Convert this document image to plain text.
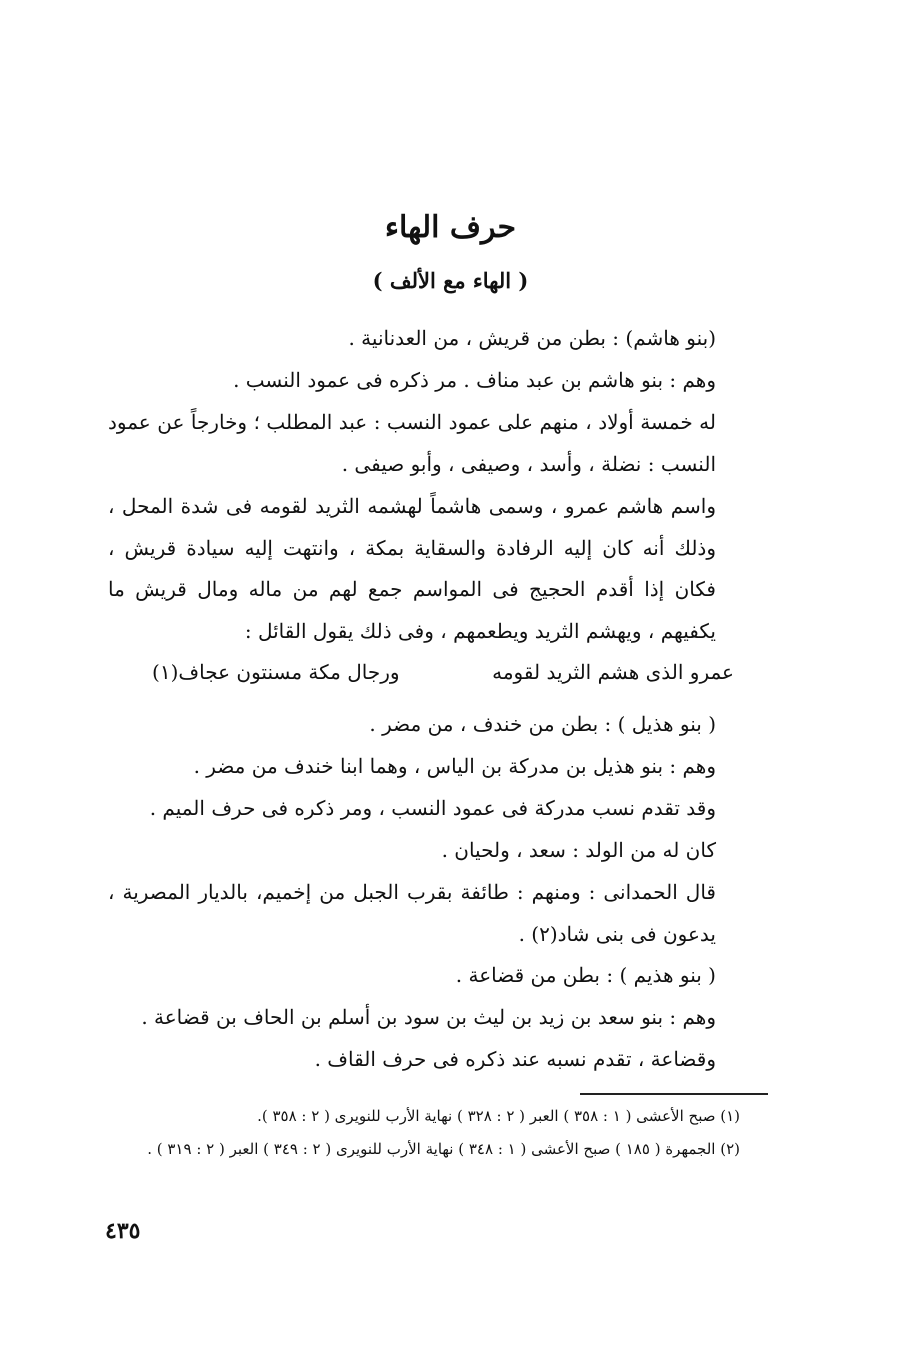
حرف الهاء
( الهاء مع الألف )

(بنو هاشم) : بطن من قريش ، من العدنانية .

وهم : بنو هاشم بن عبد مناف . مر ذكره فى عمود النسب .

له خمسة أولاد ، منهم على عمود النسب : عبد المطلب ؛ وخارجاً عن عمود النسب : نضلة ، وأسد ، وصيفى ، وأبو صيفى .

واسم هاشم عمرو ، وسمى هاشماً لهشمه الثريد لقومه فى شدة المحل ، وذلك أنه كان إليه الرفادة والسقاية بمكة ، وانتهت إليه سيادة قريش ، فكان إذا أقدم الحجيج فى المواسم جمع لهم من ماله ومال قريش ما يكفيهم ، ويهشم الثريد ويطعمهم ، وفى ذلك يقول القائل :

عمرو الذى هشم الثريد لقومه
ورجال مكة مسنتون عجاف(١)

( بنو هذيل ) : بطن من خندف ، من مضر .

وهم : بنو هذيل بن مدركة بن الياس ، وهما ابنا خندف من مضر .

وقد تقدم نسب مدركة فى عمود النسب ، ومر ذكره فى حرف الميم .

كان له من الولد : سعد ، ولحيان .

قال الحمدانى : ومنهم : طائفة بقرب الجبل من إخميم، بالديار المصرية ، يدعون فى بنى شاد(٢) .

( بنو هذيم ) : بطن من قضاعة .

وهم : بنو سعد بن زيد بن ليث بن سود بن أسلم بن الحاف بن قضاعة .

وقضاعة ، تقدم نسبه عند ذكره فى حرف القاف .

(١) صبح الأعشى ( ١ : ٣٥٨ ) العبر ( ٢ : ٣٢٨ ) نهاية الأرب للنويرى ( ٢ : ٣٥٨ ).

(٢) الجمهرة ( ١٨٥ ) صبح الأعشى ( ١ : ٣٤٨ ) نهاية الأرب للنويرى ( ٢ : ٣٤٩ ) العبر ( ٢ : ٣١٩ ) .

٤٣٥
